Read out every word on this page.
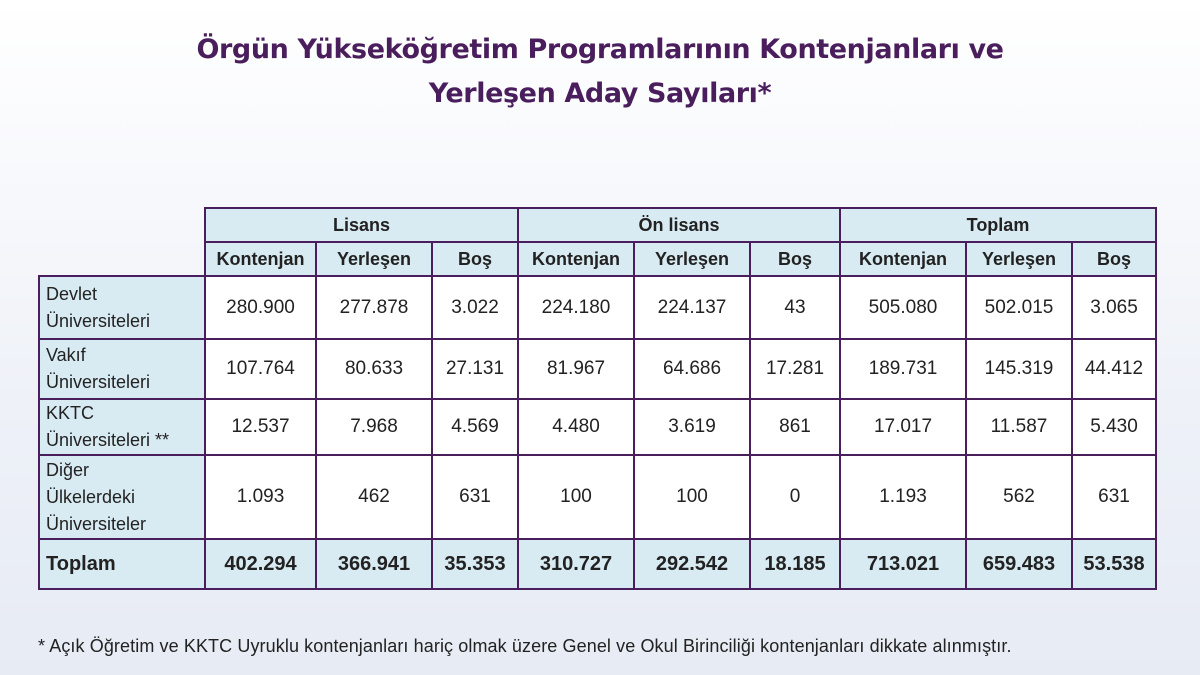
Örgün Yükseköğretim Programlarının Kontenjanları ve
Yerleşen Aday Sayıları*
	Lisans			Ön lisans			Toplam		
	Kontenjan	Yerleşen	Boş	Kontenjan	Yerleşen	Boş	Kontenjan	Yerleşen	Boş

Devlet
Üniversiteleri	280.900	277.878	3.022	224.180	224.137	43	505.080	502.015	3.065

Vakıf
Üniversiteleri	107.764	80.633	27.131	81.967	64.686	17.281	189.731	145.319	44.412

KKTC
Üniversiteleri **	12.537	7.968	4.569	4.480	3.619	861	17.017	11.587	5.430

Diğer
Ülkelerdeki
Üniversiteler	1.093	462	631	100	100	0	1.193	562	631
Toplam	402.294	366.941	35.353	310.727	292.542	18.185	713.021	659.483	53.538
* Açık Öğretim ve KKTC Uyruklu kontenjanları hariç olmak üzere Genel ve Okul Birinciliği kontenjanları dikkate alınmıştır.
